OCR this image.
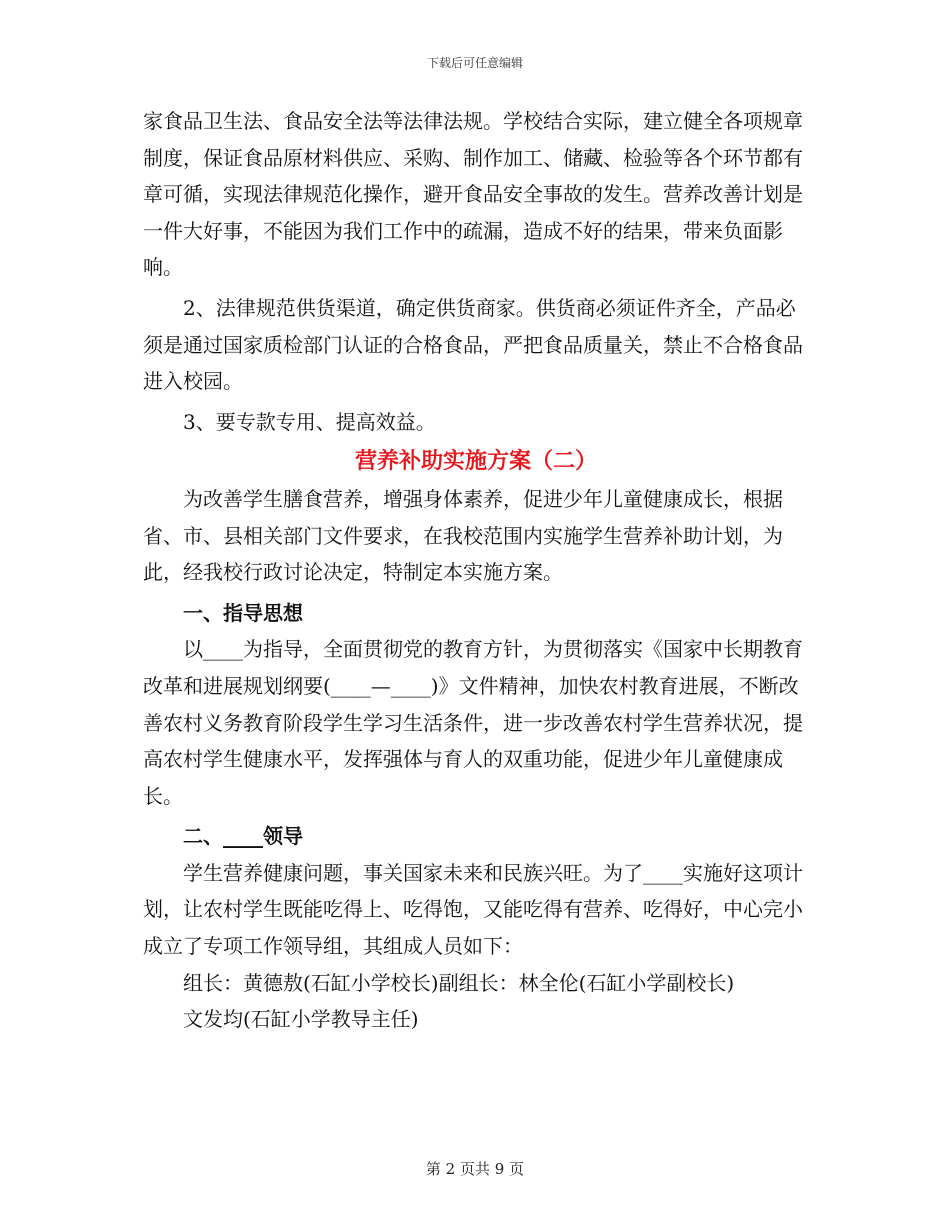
下载后可任意编辑

家食品卫生法、食品安全法等法律法规。学校结合实际，建立健全各项规章制度，保证食品原材料供应、采购、制作加工、储藏、检验等各个环节都有章可循，实现法律规范化操作，避开食品安全事故的发生。营养改善计划是一件大好事，不能因为我们工作中的疏漏，造成不好的结果，带来负面影响。

2、法律规范供货渠道，确定供货商家。供货商必须证件齐全，产品必须是通过国家质检部门认证的合格食品，严把食品质量关，禁止不合格食品进入校园。

3、要专款专用、提高效益。

营养补助实施方案（二）

为改善学生膳食营养，增强身体素养，促进少年儿童健康成长，根据省、市、县相关部门文件要求，在我校范围内实施学生营养补助计划，为此，经我校行政讨论决定，特制定本实施方案。

一、指导思想

以____为指导，全面贯彻党的教育方针，为贯彻落实《国家中长期教育改革和进展规划纲要(____—____)》文件精神，加快农村教育进展，不断改善农村义务教育阶段学生学习生活条件，进一步改善农村学生营养状况，提高农村学生健康水平，发挥强体与育人的双重功能，促进少年儿童健康成长。

二、____领导

学生营养健康问题，事关国家未来和民族兴旺。为了____实施好这项计划，让农村学生既能吃得上、吃得饱，又能吃得有营养、吃得好，中心完小成立了专项工作领导组，其组成人员如下：

组长：黄德敖(石缸小学校长)副组长：林全伦(石缸小学副校长)

文发均(石缸小学教导主任)

第 2 页共 9 页
